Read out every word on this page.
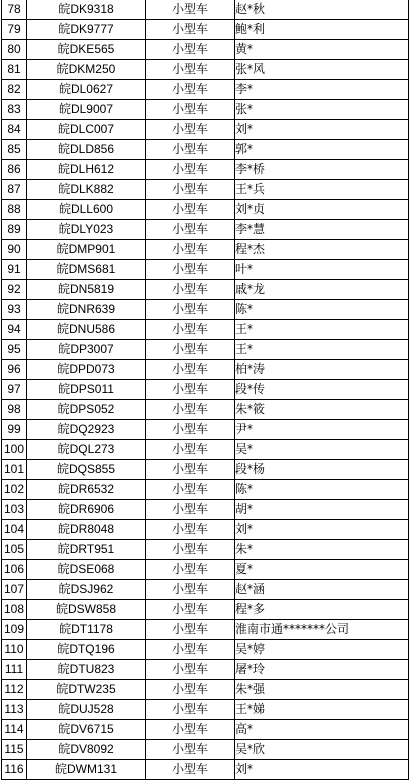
78	皖DK9318	小型车	赵*秋
79	皖DK9777	小型车	鲍*利
80	皖DKE565	小型车	黄*
81	皖DKM250	小型车	张*风
82	皖DL0627	小型车	李*
83	皖DL9007	小型车	张*
84	皖DLC007	小型车	刘*
85	皖DLD856	小型车	郭*
86	皖DLH612	小型车	李*桥
87	皖DLK882	小型车	王*兵
88	皖DLL600	小型车	刘*贞
89	皖DLY023	小型车	李*慧
90	皖DMP901	小型车	程*杰
91	皖DMS681	小型车	叶*
92	皖DN5819	小型车	戚*龙
93	皖DNR639	小型车	陈*
94	皖DNU586	小型车	王*
95	皖DP3007	小型车	王*
96	皖DPD073	小型车	柏*涛
97	皖DPS011	小型车	段*传
98	皖DPS052	小型车	朱*筱
99	皖DQ2923	小型车	尹*
100	皖DQL273	小型车	吴*
101	皖DQS855	小型车	段*杨
102	皖DR6532	小型车	陈*
103	皖DR6906	小型车	胡*
104	皖DR8048	小型车	刘*
105	皖DRT951	小型车	朱*
106	皖DSE068	小型车	夏*
107	皖DSJ962	小型车	赵*涵
108	皖DSW858	小型车	程*多
109	皖DT1178	小型车	淮南市通*******公司
110	皖DTQ196	小型车	吴*婷
111	皖DTU823	小型车	屠*玲
112	皖DTW235	小型车	朱*强
113	皖DUJ528	小型车	王*娣
114	皖DV6715	小型车	高*
115	皖DV8092	小型车	吴*欣
116	皖DWM131	小型车	刘*
